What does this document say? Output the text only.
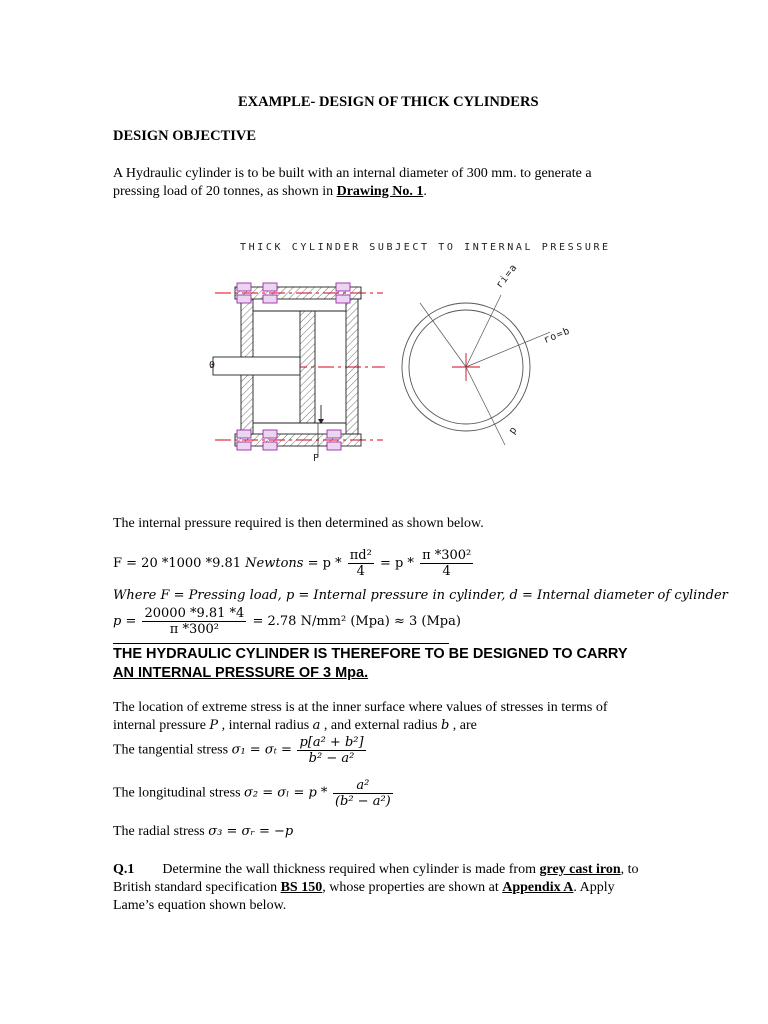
EXAMPLE- DESIGN OF THICK CYLINDERS
DESIGN OBJECTIVE
A Hydraulic cylinder is to be built with an internal diameter of 300 mm. to generate a
pressing load of 20 tonnes, as shown in Drawing No. 1.
THICK CYLINDER SUBJECT TO INTERNAL PRESSURE
ri=a
ro=b
p
P
0
The internal pressure required is then determined as shown below.
F = 20 *1000 *9.81 Newtons = $p * \frac{\text{πd²}}{4} = p * \frac{\text{π *300²}}{4}$
Where F = Pressing load, p = Internal pressure in cylinder, d = Internal diameter of cylinder
$p = \frac{20000 *9.81 *4}{\text{π *300²}} = 2.78$ N/mm² (Mpa) ≈ 3 (Mpa)
THE HYDRAULIC CYLINDER IS THEREFORE TO BE DESIGNED TO CARRY
AN INTERNAL PRESSURE OF 3 Mpa.
The location of extreme stress is at the inner surface where values of stresses in terms of
internal pressure P , internal radius a , and external radius b , are
The tangential stress $\sigma_1 = \sigma_t = \frac{\text{p[a² + b²]}}{\text{b² − a²}}$
The longitudinal stress $\sigma_2 = \sigma_l = p * \frac{\text{a²}}{\text{(b² − a²)}}$
The radial stress σ₃ = σᵣ = −p
Q.1 Determine the wall thickness required when cylinder is made from grey cast iron, to
British standard specification BS 150, whose properties are shown at Appendix A. Apply
Lame’s equation shown below.
